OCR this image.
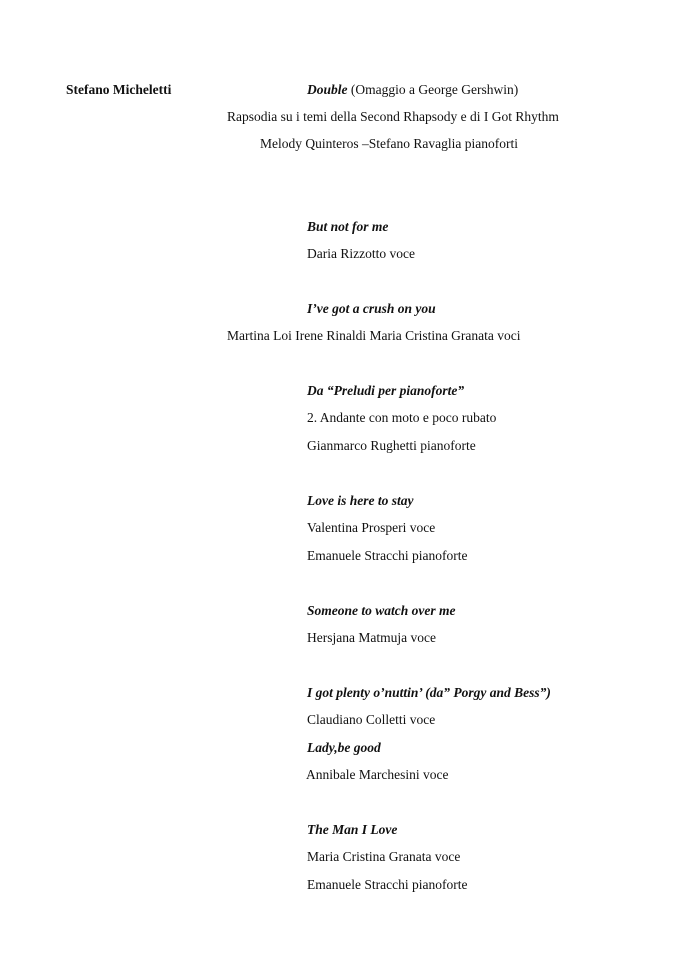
Stefano Micheletti	Double (Omaggio a George Gershwin)
Rapsodia su i temi della Second Rhapsody e di I Got Rhythm
Melody Quinteros –Stefano Ravaglia pianoforti
But not for me
Daria Rizzotto voce
I’ve got a crush on you
Martina Loi Irene Rinaldi Maria Cristina Granata voci
Da “Preludi per pianoforte”
2. Andante con moto e poco rubato
Gianmarco Rughetti pianoforte
Love is here to stay
Valentina Prosperi voce
Emanuele Stracchi pianoforte
Someone to watch over me
Hersjana Matmuja voce
I got plenty o’nuttin’ (da” Porgy and Bess”)
Claudiano Colletti voce
Lady,be good
Annibale Marchesini voce
The Man I Love
Maria Cristina Granata voce
Emanuele Stracchi pianoforte
